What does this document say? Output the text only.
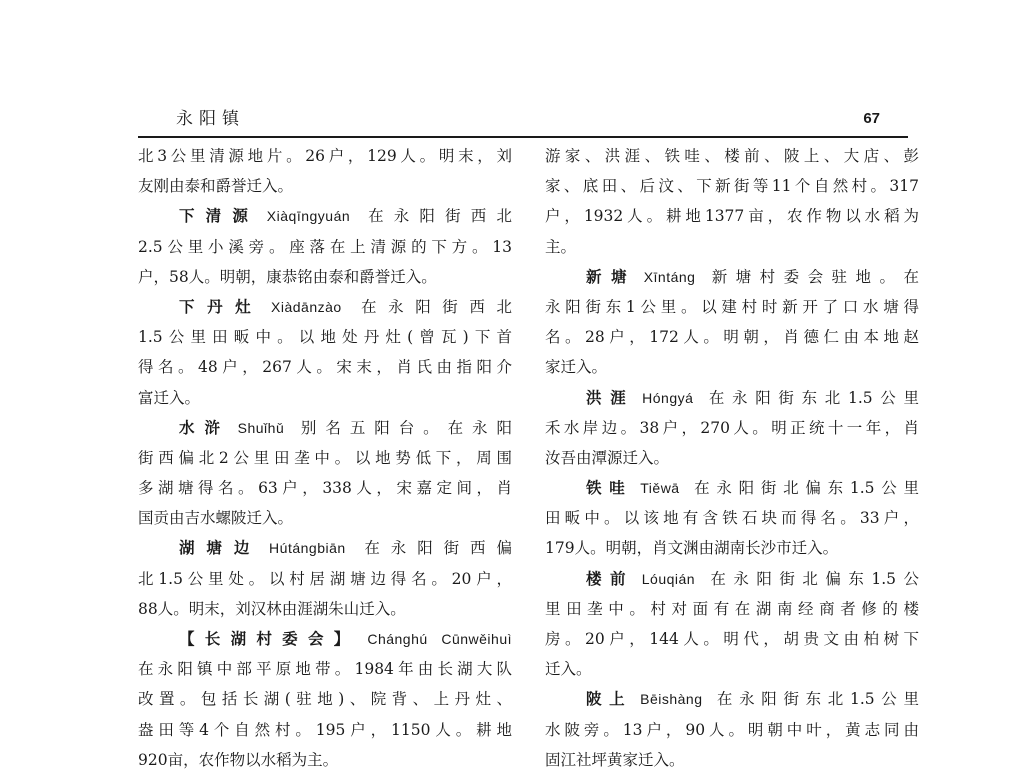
永阳镇	67
北3公里清源地片。26户，129人。明末，刘
友刚由泰和爵誉迁入。
下清源  Xiàqīngyuán  在永阳街西北
2.5公里小溪旁。座落在上清源的下方。13
户，58人。明朝，康恭铭由泰和爵誉迁入。
下丹灶  Xiàdānzào  在永阳街西北
1.5公里田畈中。以地处丹灶(曾瓦)下首
得名。48户，267人。宋末，肖氏由指阳介
富迁入。
水浒  Shuǐhǔ  别名五阳台。在永阳
街西偏北2公里田垄中。以地势低下，周围
多湖塘得名。63户，338人，宋嘉定间，肖
国贡由吉水螺陂迁入。
湖塘边  Hútángbiān  在永阳街西偏
北1.5公里处。以村居湖塘边得名。20户，
88人。明末，刘汉林由涯湖朱山迁入。
【长湖村委会】  Chánghú Cūnwěihuì
在永阳镇中部平原地带。1984年由长湖大队
改置。包括长湖(驻地)、院背、上丹灶、
盎田等4个自然村。195户，1150人。耕地
920亩，农作物以水稻为主。
游家、洪涯、铁哇、楼前、陂上、大店、彭
家、底田、后汶、下新街等11个自然村。317
户，1932人。耕地1377亩，农作物以水稻为
主。
新塘  Xīntáng  新塘村委会驻地。在
永阳街东1公里。以建村时新开了口水塘得
名。28户，172人。明朝，肖德仁由本地赵
家迁入。
洪涯  Hóngyá  在永阳街东北1.5公里
禾水岸边。38户，270人。明正统十一年，肖
汝吾由潭源迁入。
铁哇  Tiěwā  在永阳街北偏东1.5公里
田畈中。以该地有含铁石块而得名。33户，
179人。明朝，肖文渊由湖南长沙市迁入。
楼前  Lóuqián  在永阳街北偏东1.5公
里田垄中。村对面有在湖南经商者修的楼
房。20户，144人。明代，胡贵文由柏树下
迁入。
陂上  Bēishàng  在永阳街东北1.5公里
水陂旁。13户，90人。明朝中叶，黄志同由
固江社坪黄家迁入。
